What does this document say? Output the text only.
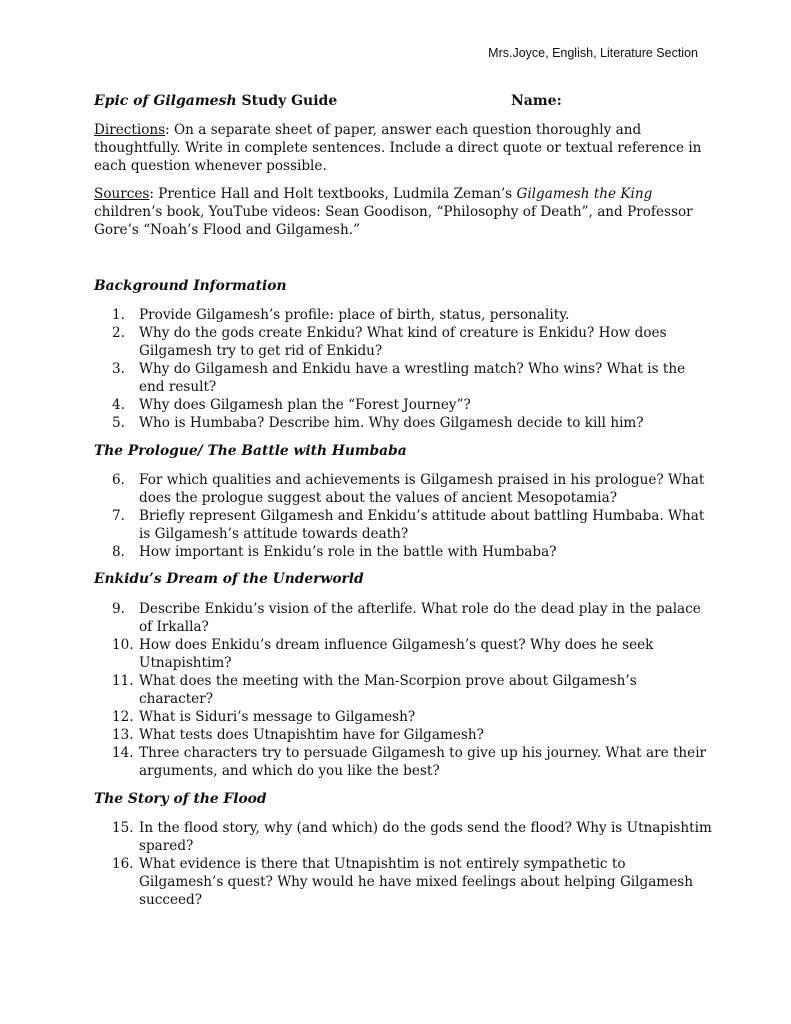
Mrs.Joyce, English, Literature Section
Epic of Gilgamesh Study Guide	Name:
Directions: On a separate sheet of paper, answer each question thoroughly and thoughtfully. Write in complete sentences. Include a direct quote or textual reference in each question whenever possible.
Sources: Prentice Hall and Holt textbooks, Ludmila Zeman’s Gilgamesh the King children’s book, YouTube videos: Sean Goodison, “Philosophy of Death”, and Professor Gore’s “Noah’s Flood and Gilgamesh.”
Background Information
1. Provide Gilgamesh’s profile: place of birth, status, personality.
2. Why do the gods create Enkidu? What kind of creature is Enkidu? How does Gilgamesh try to get rid of Enkidu?
3. Why do Gilgamesh and Enkidu have a wrestling match? Who wins? What is the end result?
4. Why does Gilgamesh plan the “Forest Journey”?
5. Who is Humbaba? Describe him. Why does Gilgamesh decide to kill him?
The Prologue/ The Battle with Humbaba
6. For which qualities and achievements is Gilgamesh praised in his prologue? What does the prologue suggest about the values of ancient Mesopotamia?
7. Briefly represent Gilgamesh and Enkidu’s attitude about battling Humbaba. What is Gilgamesh’s attitude towards death?
8. How important is Enkidu’s role in the battle with Humbaba?
Enkidu’s Dream of the Underworld
9. Describe Enkidu’s vision of the afterlife. What role do the dead play in the palace of Irkalla?
10. How does Enkidu’s dream influence Gilgamesh’s quest? Why does he seek Utnapishtim?
11. What does the meeting with the Man-Scorpion prove about Gilgamesh’s character?
12. What is Siduri’s message to Gilgamesh?
13. What tests does Utnapishtim have for Gilgamesh?
14. Three characters try to persuade Gilgamesh to give up his journey. What are their arguments, and which do you like the best?
The Story of the Flood
15. In the flood story, why (and which) do the gods send the flood? Why is Utnapishtim spared?
16. What evidence is there that Utnapishtim is not entirely sympathetic to Gilgamesh’s quest? Why would he have mixed feelings about helping Gilgamesh succeed?
